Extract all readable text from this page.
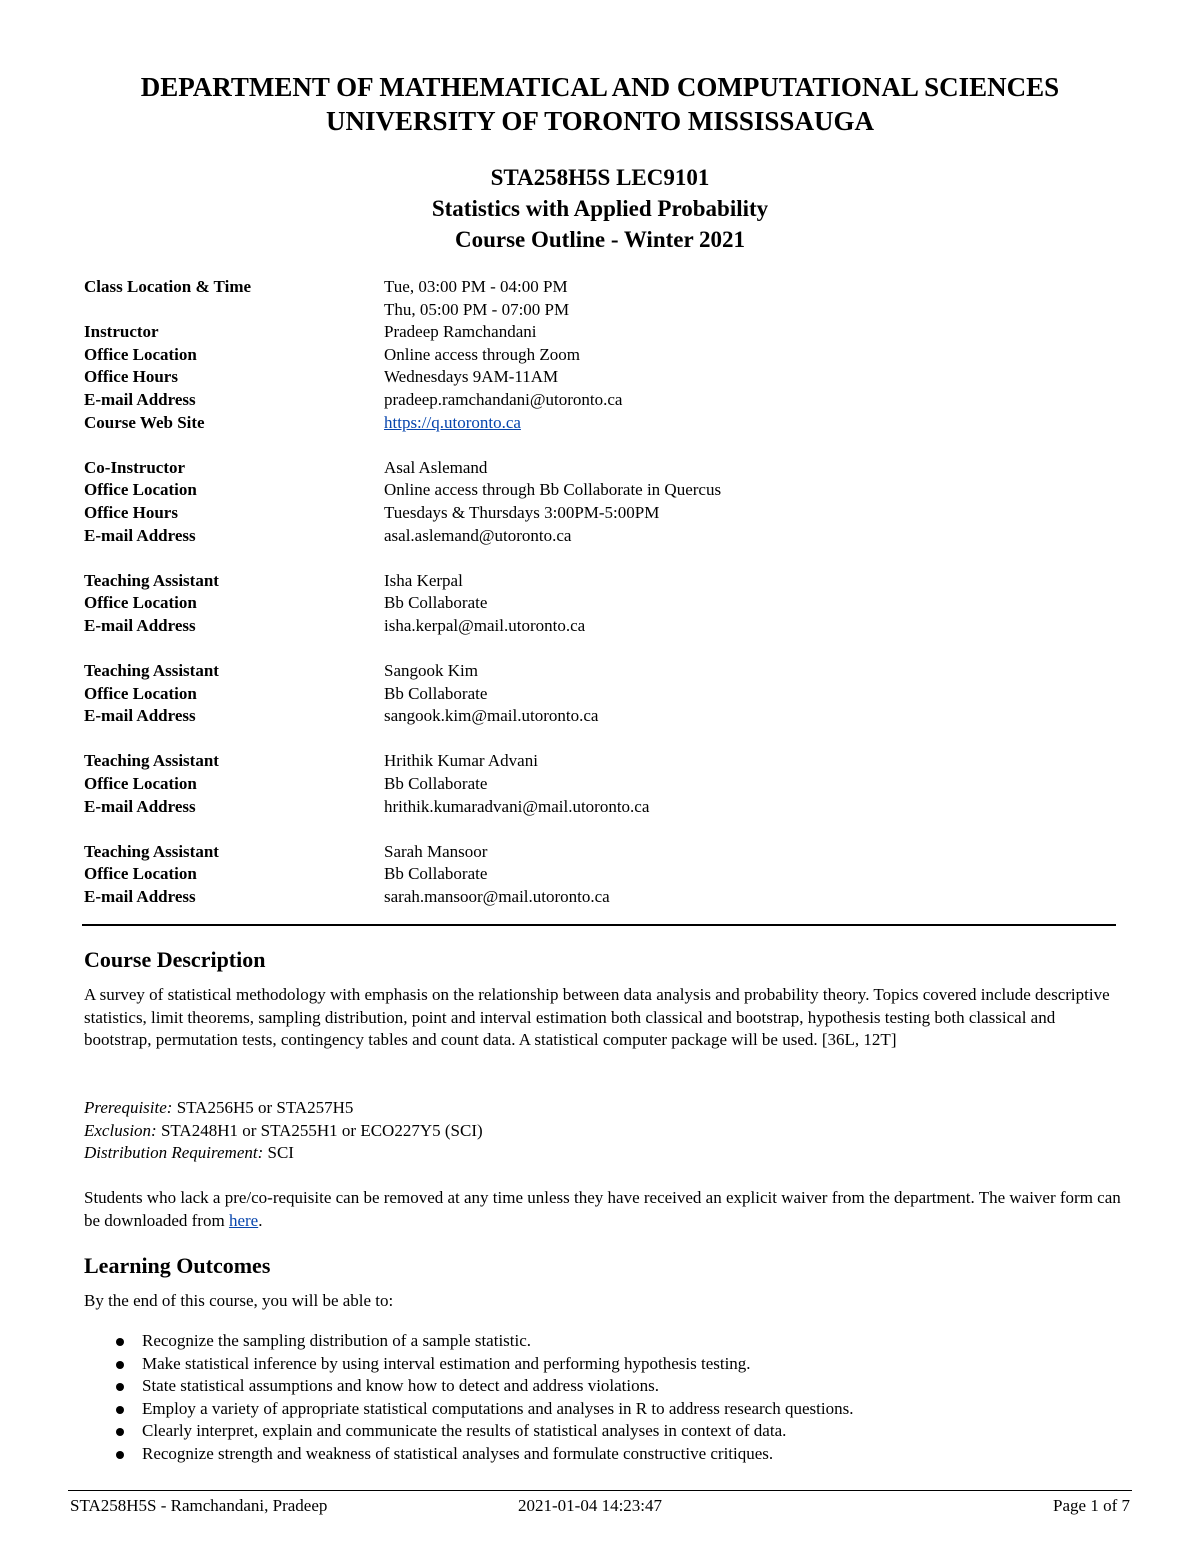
DEPARTMENT OF MATHEMATICAL AND COMPUTATIONAL SCIENCES
UNIVERSITY OF TORONTO MISSISSAUGA
STA258H5S LEC9101
Statistics with Applied Probability
Course Outline - Winter 2021
Class Location & Time	Tue, 03:00 PM - 04:00 PM
Thu, 05:00 PM - 07:00 PM
Instructor	Pradeep Ramchandani
Office Location	Online access through Zoom
Office Hours	Wednesdays 9AM-11AM
E-mail Address	pradeep.ramchandani@utoronto.ca
Course Web Site	https://q.utoronto.ca
Co-Instructor	Asal Aslemand
Office Location	Online access through Bb Collaborate in Quercus
Office Hours	Tuesdays & Thursdays 3:00PM-5:00PM
E-mail Address	asal.aslemand@utoronto.ca
Teaching Assistant	Isha Kerpal
Office Location	Bb Collaborate
E-mail Address	isha.kerpal@mail.utoronto.ca
Teaching Assistant	Sangook Kim
Office Location	Bb Collaborate
E-mail Address	sangook.kim@mail.utoronto.ca
Teaching Assistant	Hrithik Kumar Advani
Office Location	Bb Collaborate
E-mail Address	hrithik.kumaradvani@mail.utoronto.ca
Teaching Assistant	Sarah Mansoor
Office Location	Bb Collaborate
E-mail Address	sarah.mansoor@mail.utoronto.ca
Course Description

A survey of statistical methodology with emphasis on the relationship between data analysis and probability theory. Topics covered include descriptive statistics, limit theorems, sampling distribution, point and interval estimation both classical and bootstrap, hypothesis testing both classical and bootstrap, permutation tests, contingency tables and count data. A statistical computer package will be used. [36L, 12T]

Prerequisite: STA256H5 or STA257H5
Exclusion: STA248H1 or STA255H1 or ECO227Y5 (SCI)
Distribution Requirement: SCI

Students who lack a pre/co-requisite can be removed at any time unless they have received an explicit waiver from the department. The waiver form can be downloaded from here.

Learning Outcomes

By the end of this course, you will be able to:

Recognize the sampling distribution of a sample statistic.
Make statistical inference by using interval estimation and performing hypothesis testing.
State statistical assumptions and know how to detect and address violations.
Employ a variety of appropriate statistical computations and analyses in R to address research questions.
Clearly interpret, explain and communicate the results of statistical analyses in context of data.
Recognize strength and weakness of statistical analyses and formulate constructive critiques.
STA258H5S - Ramchandani, Pradeep	2021-01-04 14:23:47	Page 1 of 7
